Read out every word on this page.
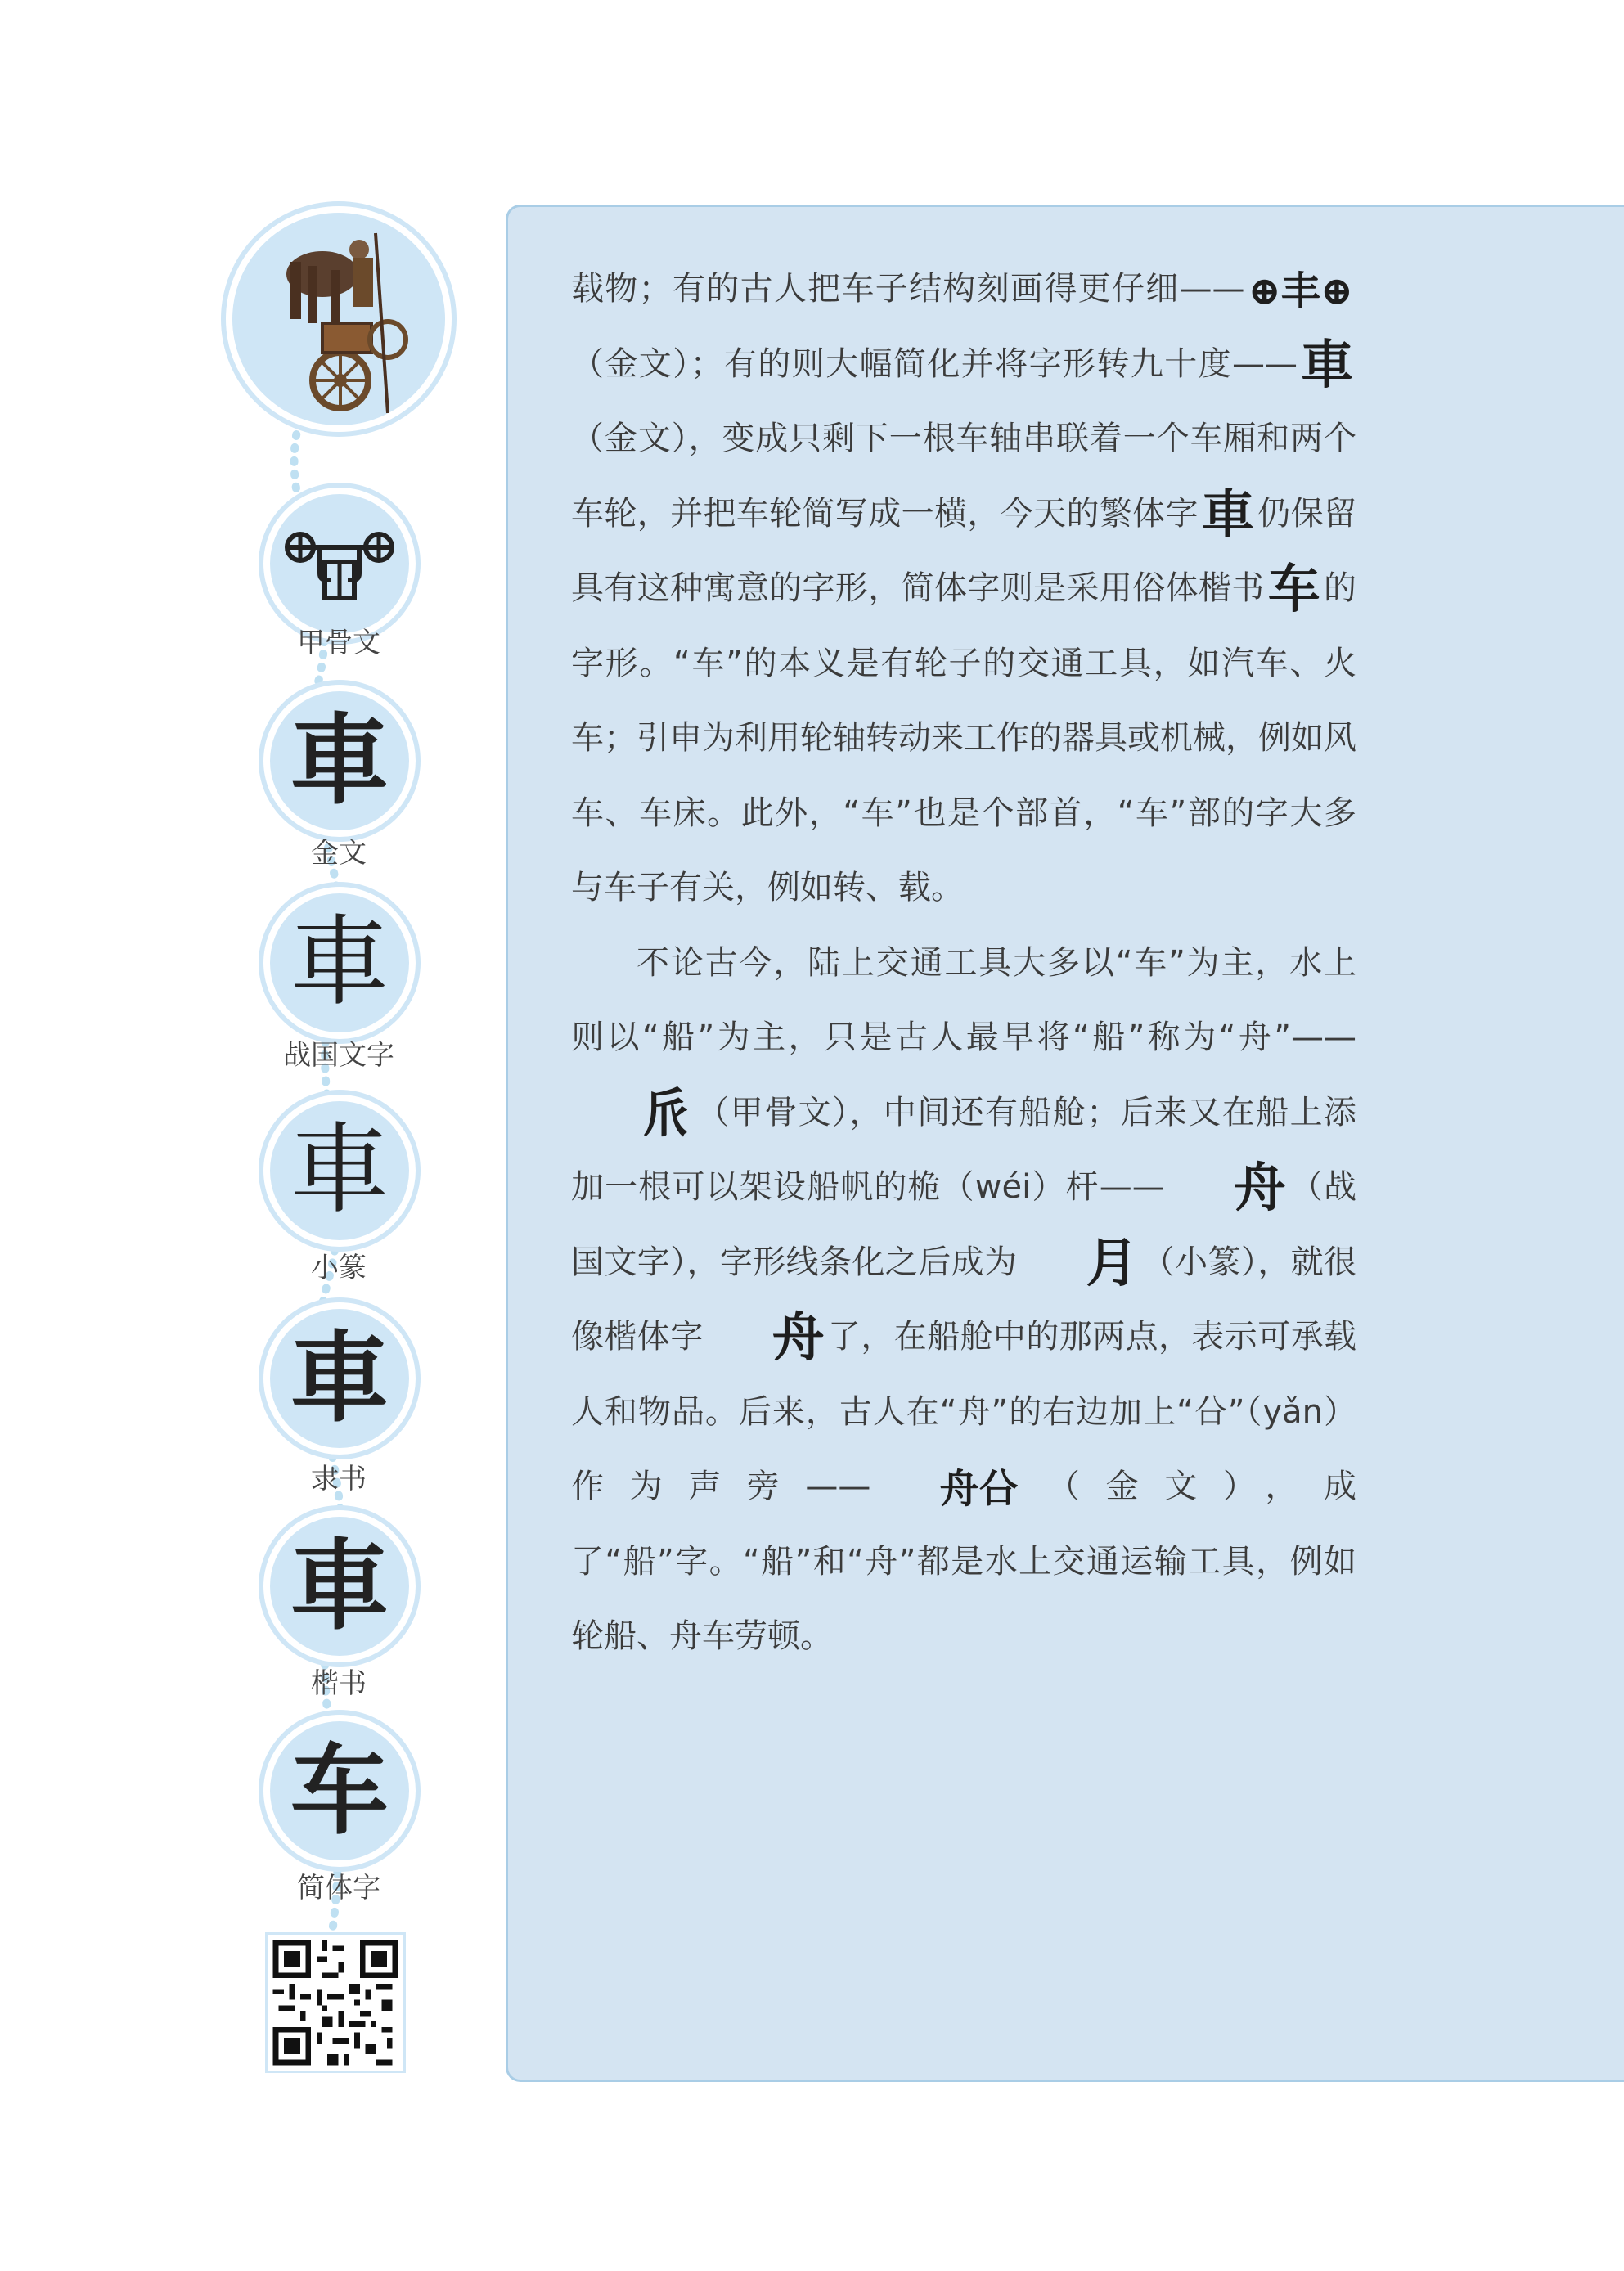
甲骨文
車
金文
車
战国文字
車
小篆
車
隶书
車
楷书
车
简体字

载物；有的古人把车子结构刻画得更仔细——⊕丰⊕（金文）；有的则大幅简化并将字形转九十度——車（金文），变成只剩下一根车轴串联着一个车厢和两个车轮，并把车轮简写成一横，今天的繁体字車 仍保留具有这种寓意的字形，简体字则是采用俗体楷书车 的字形。“车”的本义是有轮子的交通工具，如汽车、火车；引申为利用轮轴转动来工作的器具或机械，例如风车、车床。此外，“车”也是个部首，“车”部的字大多与车子有关，例如转、载。

不论古今，陆上交通工具大多以“车”为主，水上则以“船”为主，只是古人最早将“船”称为“舟”——𠂢 （甲骨文），中间还有船舱；后来又在船上添加一根可以架设船帆的桅（wéi）杆—— 舟 （战国文字），字形线条化之后成为 月 （小篆），就很像楷体字 舟 了，在船舱中的那两点，表示可承载人和物品。后来，古人在“舟”的右边加上“㕣”（yǎn）作为声旁—— 舟㕣 （金文），成了“船”字。“船”和“舟”都是水上交通运输工具，例如轮船、舟车劳顿。
